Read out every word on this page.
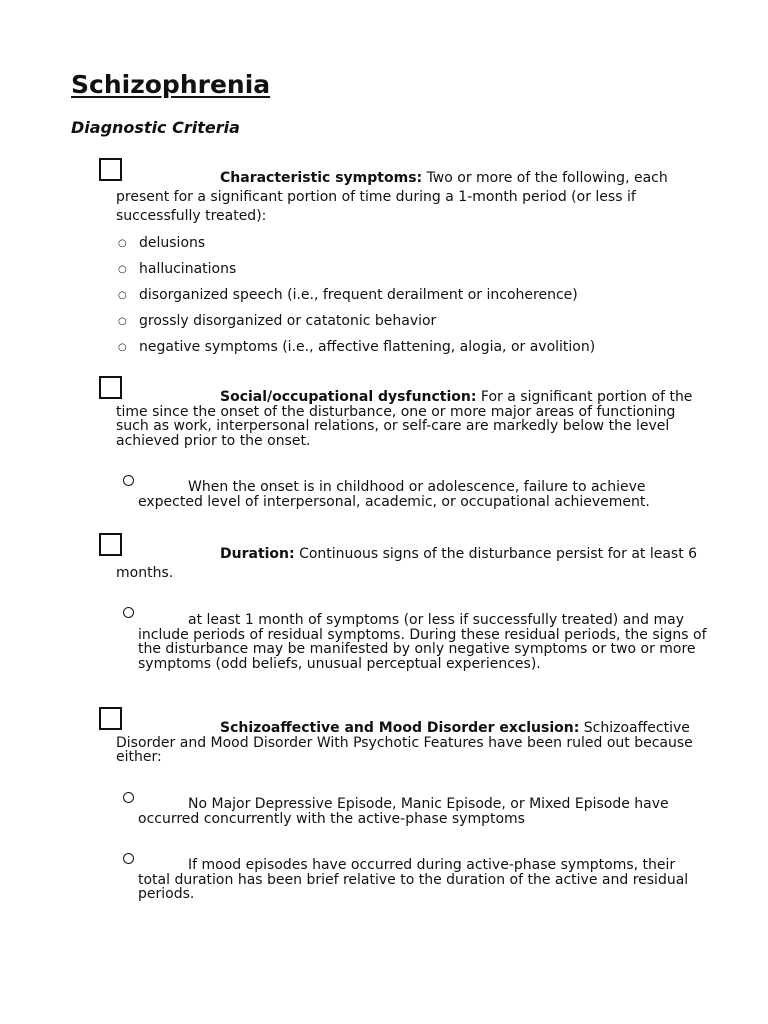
Schizophrenia
Diagnostic Criteria

Characteristic symptoms: Two or more of the following, each present for a significant portion of time during a 1-month period (or less if successfully treated):

○ delusions
○ hallucinations
○ disorganized speech (i.e., frequent derailment or incoherence)
○ grossly disorganized or catatonic behavior
○ negative symptoms (i.e., affective flattening, alogia, or avolition)

Social/occupational dysfunction: For a significant portion of the time since the onset of the disturbance, one or more major areas of functioning such as work, interpersonal relations, or self-care are markedly below the level achieved prior to the onset.

When the onset is in childhood or adolescence, failure to achieve expected level of interpersonal, academic, or occupational achievement.

Duration: Continuous signs of the disturbance persist for at least 6 months.

at least 1 month of symptoms (or less if successfully treated) and may include periods of residual symptoms. During these residual periods, the signs of the disturbance may be manifested by only negative symptoms or two or more symptoms (odd beliefs, unusual perceptual experiences).

Schizoaffective and Mood Disorder exclusion: Schizoaffective Disorder and Mood Disorder With Psychotic Features have been ruled out because either:

No Major Depressive Episode, Manic Episode, or Mixed Episode have occurred concurrently with the active-phase symptoms

If mood episodes have occurred during active-phase symptoms, their total duration has been brief relative to the duration of the active and residual periods.
